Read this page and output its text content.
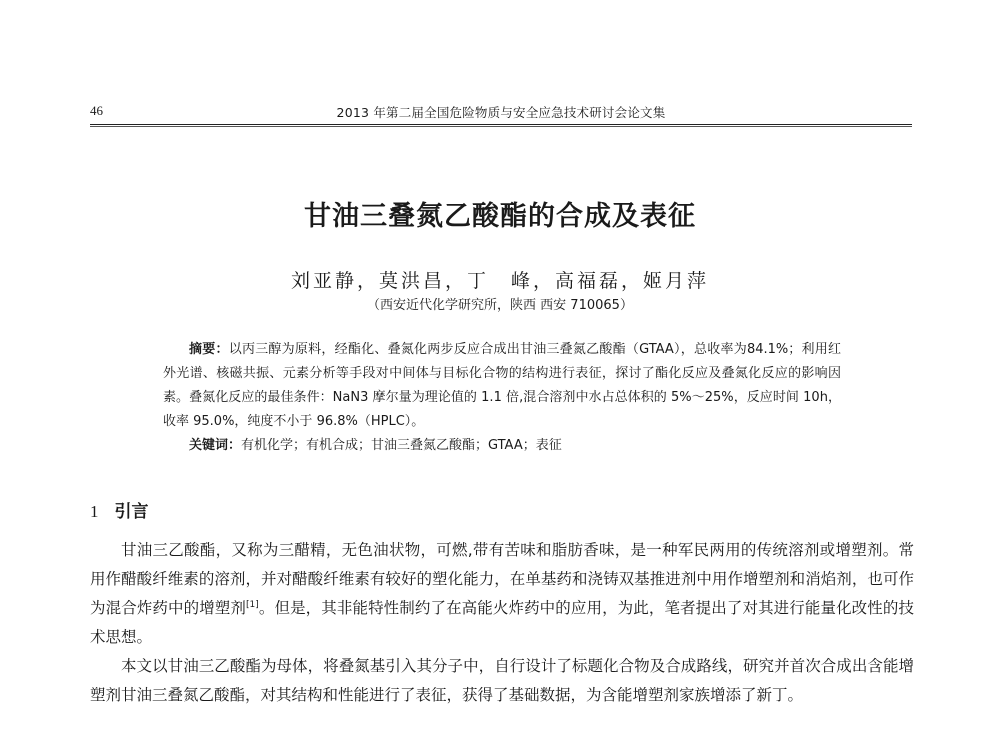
46	2013 年第二届全国危险物质与安全应急技术研讨会论文集
甘油三叠氮乙酸酯的合成及表征
刘亚静，莫洪昌，丁　峰，高福磊，姬月萍
（西安近代化学研究所，陕西 西安 710065）

摘要：以丙三醇为原料，经酯化、叠氮化两步反应合成出甘油三叠氮乙酸酯（GTAA），总收率为84.1%；利用红外光谱、核磁共振、元素分析等手段对中间体与目标化合物的结构进行表征，探讨了酯化反应及叠氮化反应的影响因素。叠氮化反应的最佳条件：NaN3 摩尔量为理论值的 1.1 倍,混合溶剂中水占总体积的 5%～25%，反应时间 10h，收率 95.0%，纯度不小于 96.8%（HPLC）。

关键词：有机化学；有机合成；甘油三叠氮乙酸酯；GTAA；表征

1 引言

甘油三乙酸酯，又称为三醋精，无色油状物，可燃,带有苦味和脂肪香味，是一种军民两用的传统溶剂或增塑剂。常用作醋酸纤维素的溶剂，并对醋酸纤维素有较好的塑化能力，在单基药和浇铸双基推进剂中用作增塑剂和消焰剂，也可作为混合炸药中的增塑剂[1]。但是，其非能特性制约了在高能火炸药中的应用，为此，笔者提出了对其进行能量化改性的技术思想。

本文以甘油三乙酸酯为母体，将叠氮基引入其分子中，自行设计了标题化合物及合成路线，研究并首次合成出含能增塑剂甘油三叠氮乙酸酯，对其结构和性能进行了表征，获得了基础数据，为含能增塑剂家族增添了新丁。
